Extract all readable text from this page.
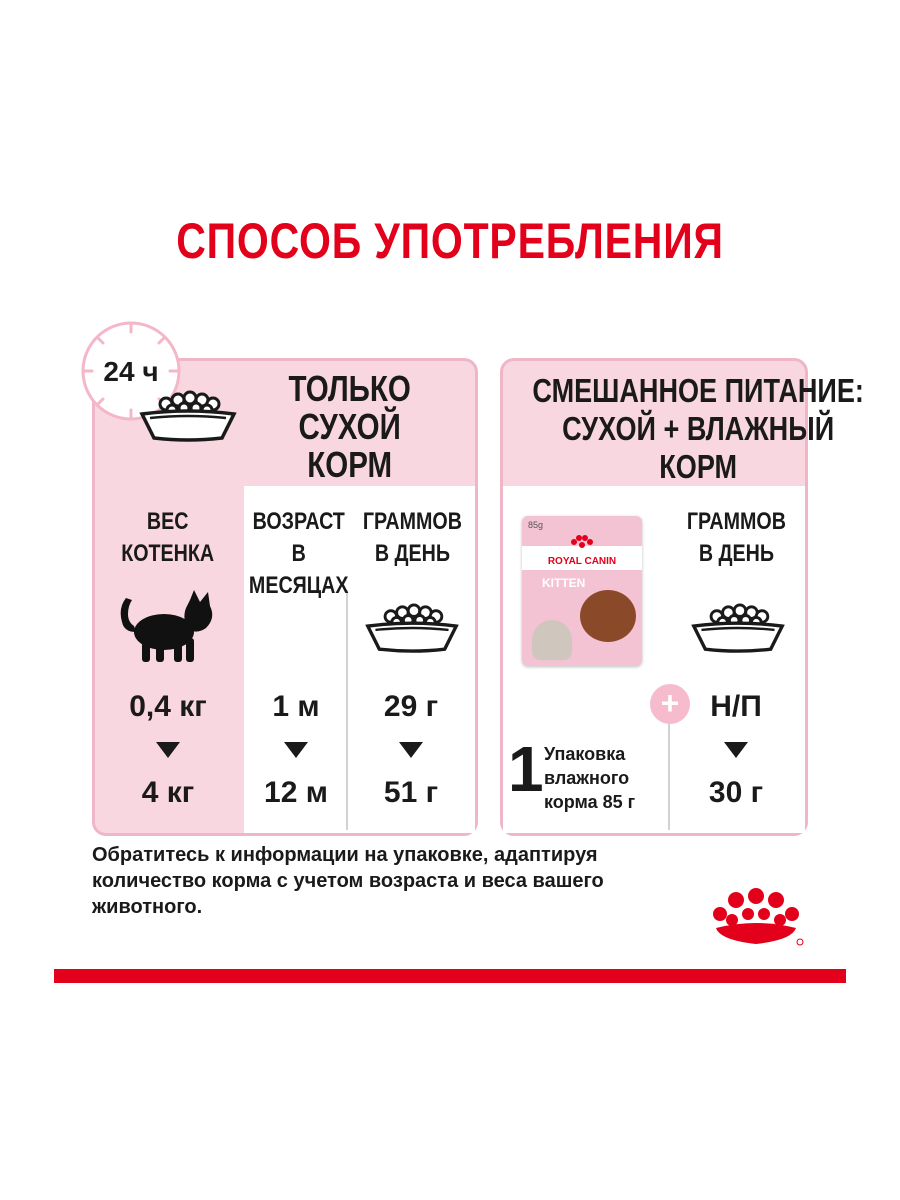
СПОСОБ УПОТРЕБЛЕНИЯ
24 ч	ТОЛЬКО
СУХОЙ
КОРМ
ВЕС
КОТЕНКА
ВОЗРАСТ В
МЕСЯЦАХ
ГРАММОВ
В ДЕНЬ
0,4 кг
4 кг
1 м
12 м
29 г
51 г
СМЕШАННОЕ ПИТАНИЕ:
СУХОЙ + ВЛАЖНЫЙ
КОРМ
85g
ROYAL CANIN
KITTEN
+
1 Упаковка
влажного
корма 85 г
ГРАММОВ
В ДЕНЬ
Н/П
30 г
Обратитесь к информации на упаковке, адаптируя количество корма с учетом возраста и веса вашего животного.
